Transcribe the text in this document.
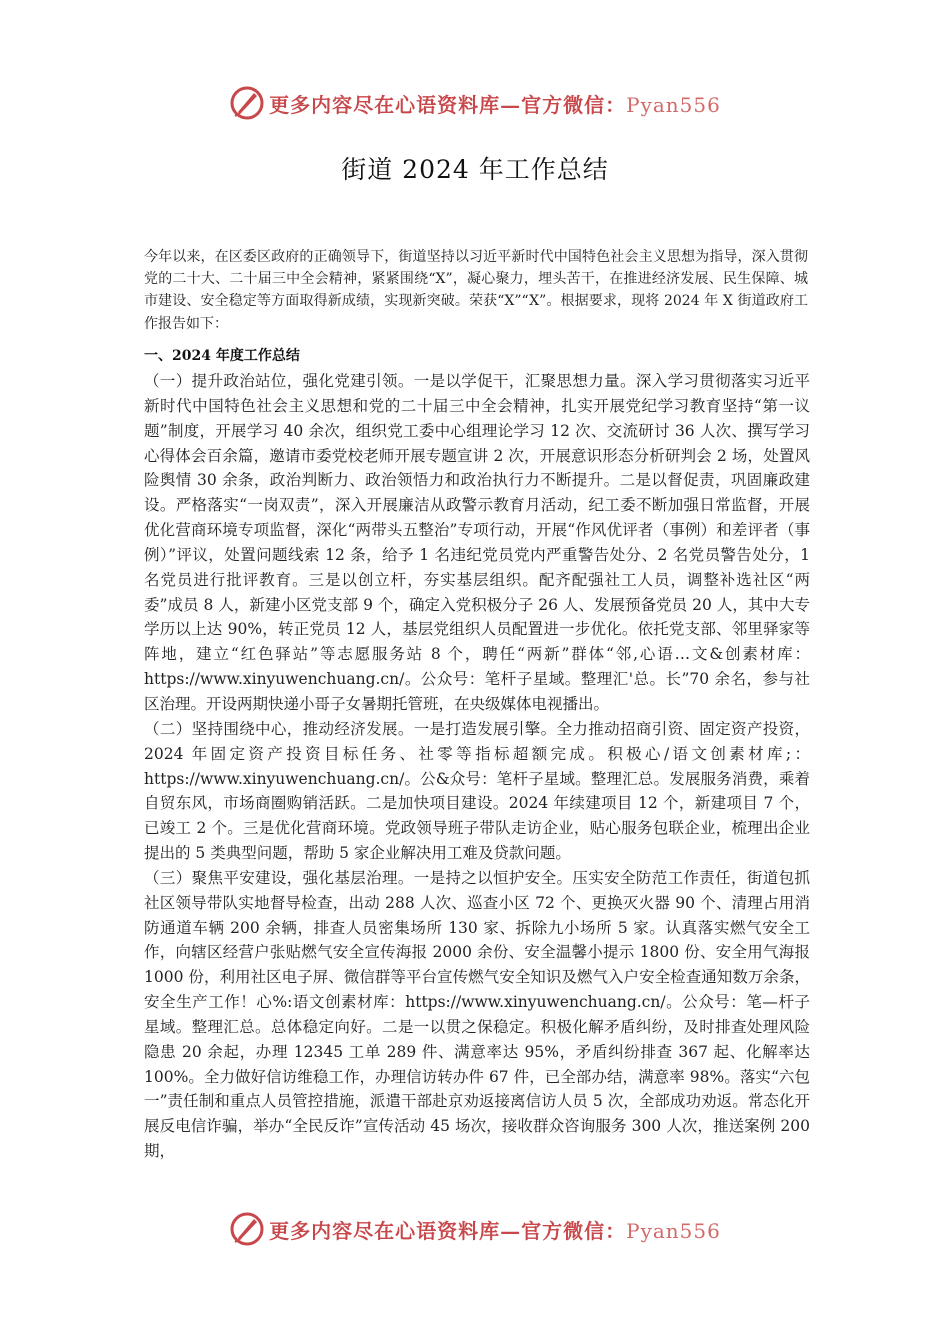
更多内容尽在心语资料库—官方微信：Pyan556
街道 2024 年工作总结
今年以来，在区委区政府的正确领导下，街道坚持以习近平新时代中国特色社会主义思想为指导，深入贯彻党的二十大、二十届三中全会精神，紧紧围绕“X”，凝心聚力，埋头苦干，在推进经济发展、民生保障、城市建设、安全稳定等方面取得新成绩，实现新突破。荣获“X”“X”。根据要求，现将 2024 年 X 街道政府工作报告如下：
一、2024 年度工作总结

（一）提升政治站位，强化党建引领。一是以学促干，汇聚思想力量。深入学习贯彻落实习近平新时代中国特色社会主义思想和党的二十届三中全会精神，扎实开展党纪学习教育坚持“第一议题”制度，开展学习 40 余次，组织党工委中心组理论学习 12 次、交流研讨 36 人次、撰写学习心得体会百余篇，邀请市委党校老师开展专题宣讲 2 次，开展意识形态分析研判会 2 场，处置风险舆情 30 余条，政治判断力、政治领悟力和政治执行力不断提升。二是以督促责，巩固廉政建设。严格落实“一岗双责”，深入开展廉洁从政警示教育月活动，纪工委不断加强日常监督，开展优化营商环境专项监督，深化“两带头五整治”专项行动，开展“作风优评者（事例）和差评者（事例）”评议，处置问题线索 12 条，给予 1 名违纪党员党内严重警告处分、2 名党员警告处分，1 名党员进行批评教育。三是以创立杆，夯实基层组织。配齐配强社工人员，调整补选社区“两委”成员 8 人，新建小区党支部 9 个，确定入党积极分子 26 人、发展预备党员 20 人，其中大专学历以上达 90%，转正党员 12 人，基层党组织人员配置进一步优化。依托党支部、邻里驿家等阵地，建立“红色驿站”等志愿服务站 8 个，聘任“两新”群体“邻,心语…文&创素材库：https://www.xinyuwenchuang.cn/。公众号：笔杆子星域。整理汇'总。长”70 余名，参与社区治理。开设两期快递小哥子女暑期托管班，在央级媒体电视播出。

（二）坚持围绕中心，推动经济发展。一是打造发展引擎。全力推动招商引资、固定资产投资，2024 年固定资产投资目标任务、社零等指标超额完成。积极心/语文创素材库;：https://www.xinyuwenchuang.cn/。公&众号：笔杆子星域。整理汇总。发展服务消费，乘着自贸东风，市场商圈购销活跃。二是加快项目建设。2024 年续建项目 12 个，新建项目 7 个，已竣工 2 个。三是优化营商环境。党政领导班子带队走访企业，贴心服务包联企业，梳理出企业提出的 5 类典型问题，帮助 5 家企业解决用工难及贷款问题。

（三）聚焦平安建设，强化基层治理。一是持之以恒护安全。压实安全防范工作责任，街道包抓社区领导带队实地督导检查，出动 288 人次、巡查小区 72 个、更换灭火器 90 个、清理占用消防通道车辆 200 余辆，排查人员密集场所 130 家、拆除九小场所 5 家。认真落实燃气安全工作，向辖区经营户张贴燃气安全宣传海报 2000 余份、安全温馨小提示 1800 份、安全用气海报 1000 份，利用社区电子屏、微信群等平台宣传燃气安全知识及燃气入户安全检查通知数万余条，安全生产工作！心%:语文创素材库：https://www.xinyuwenchuang.cn/。公众号：笔—杆子星域。整理汇总。总体稳定向好。二是一以贯之保稳定。积极化解矛盾纠纷，及时排查处理风险隐患 20 余起，办理 12345 工单 289 件、满意率达 95%，矛盾纠纷排查 367 起、化解率达 100%。全力做好信访维稳工作，办理信访转办件 67 件，已全部办结，满意率 98%。落实“六包一”责任制和重点人员管控措施，派遣干部赴京劝返接离信访人员 5 次，全部成功劝返。常态化开展反电信诈骗，举办“全民反诈”宣传活动 45 场次，接收群众咨询服务 300 人次，推送案例 200 期，

更多内容尽在心语资料库—官方微信：Pyan556
